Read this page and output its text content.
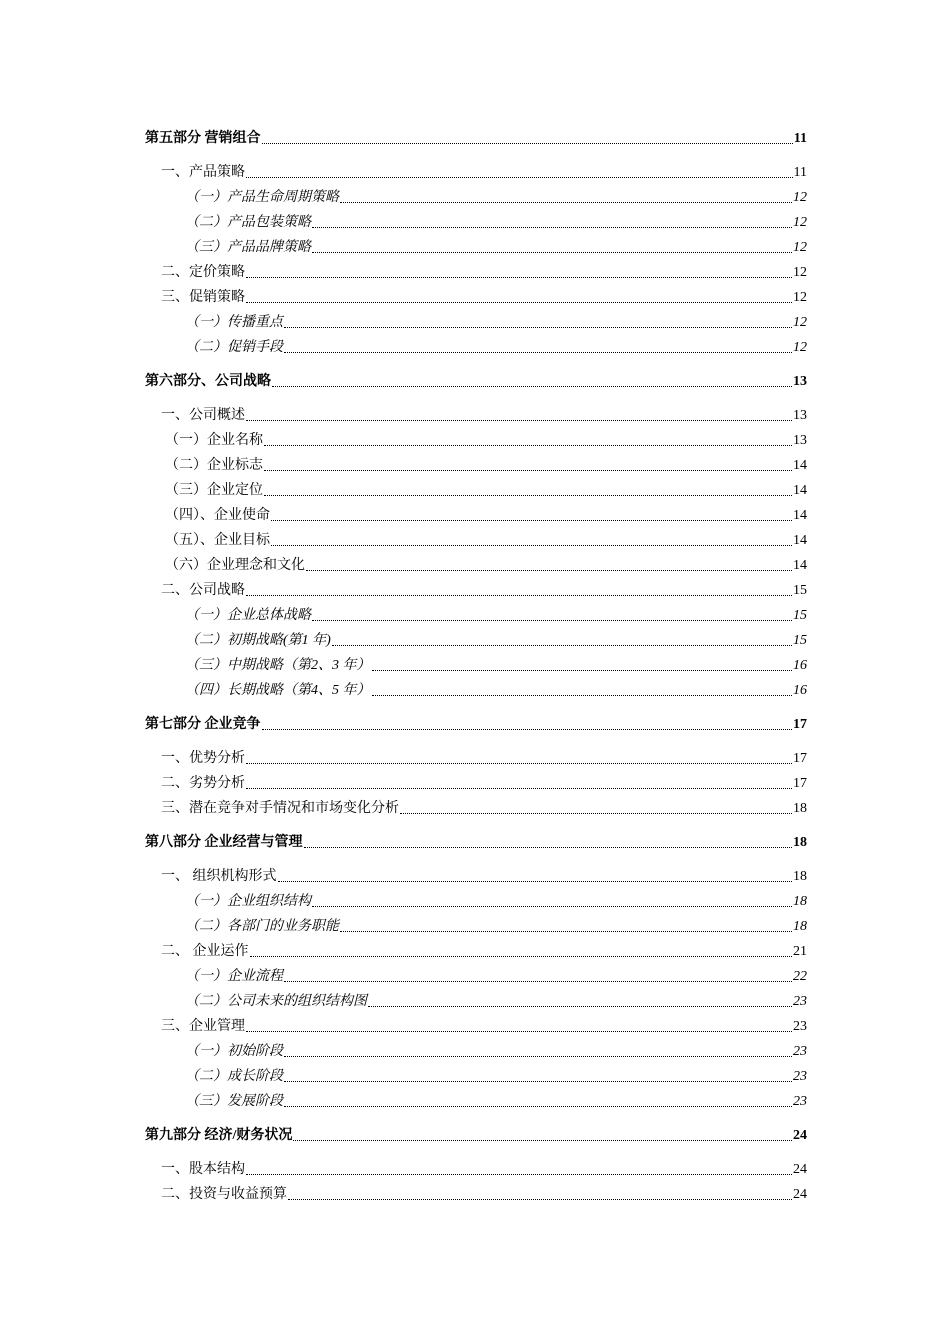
第五部分 营销组合	11
一、产品策略	11
（一）产品生命周期策略	12
（二）产品包装策略	12
（三）产品品牌策略	12
二、定价策略	12
三、促销策略	12
（一）传播重点	12
（二）促销手段	12
第六部分、公司战略	13
一、公司概述	13
（一）企业名称	13
（二）企业标志	14
（三）企业定位	14
（四）、企业使命	14
（五）、企业目标	14
（六）企业理念和文化	14
二、公司战略	15
（一）企业总体战略	15
（二）初期战略(第1 年)	15
（三）中期战略（第2、3 年）	16
（四）长期战略（第4、5 年）	16
第七部分 企业竞争	17
一、优势分析	17
二、劣势分析	17
三、潜在竞争对手情况和市场变化分析	18
第八部分 企业经营与管理	18
一、 组织机构形式	18
（一）企业组织结构	18
（二）各部门的业务职能	18
二、 企业运作	21
（一）企业流程	22
（二）公司未来的组织结构图	23
三、企业管理	23
（一）初始阶段	23
（二）成长阶段	23
（三）发展阶段	23
第九部分 经济/财务状况	24
一、股本结构	24
二、投资与收益预算	24
